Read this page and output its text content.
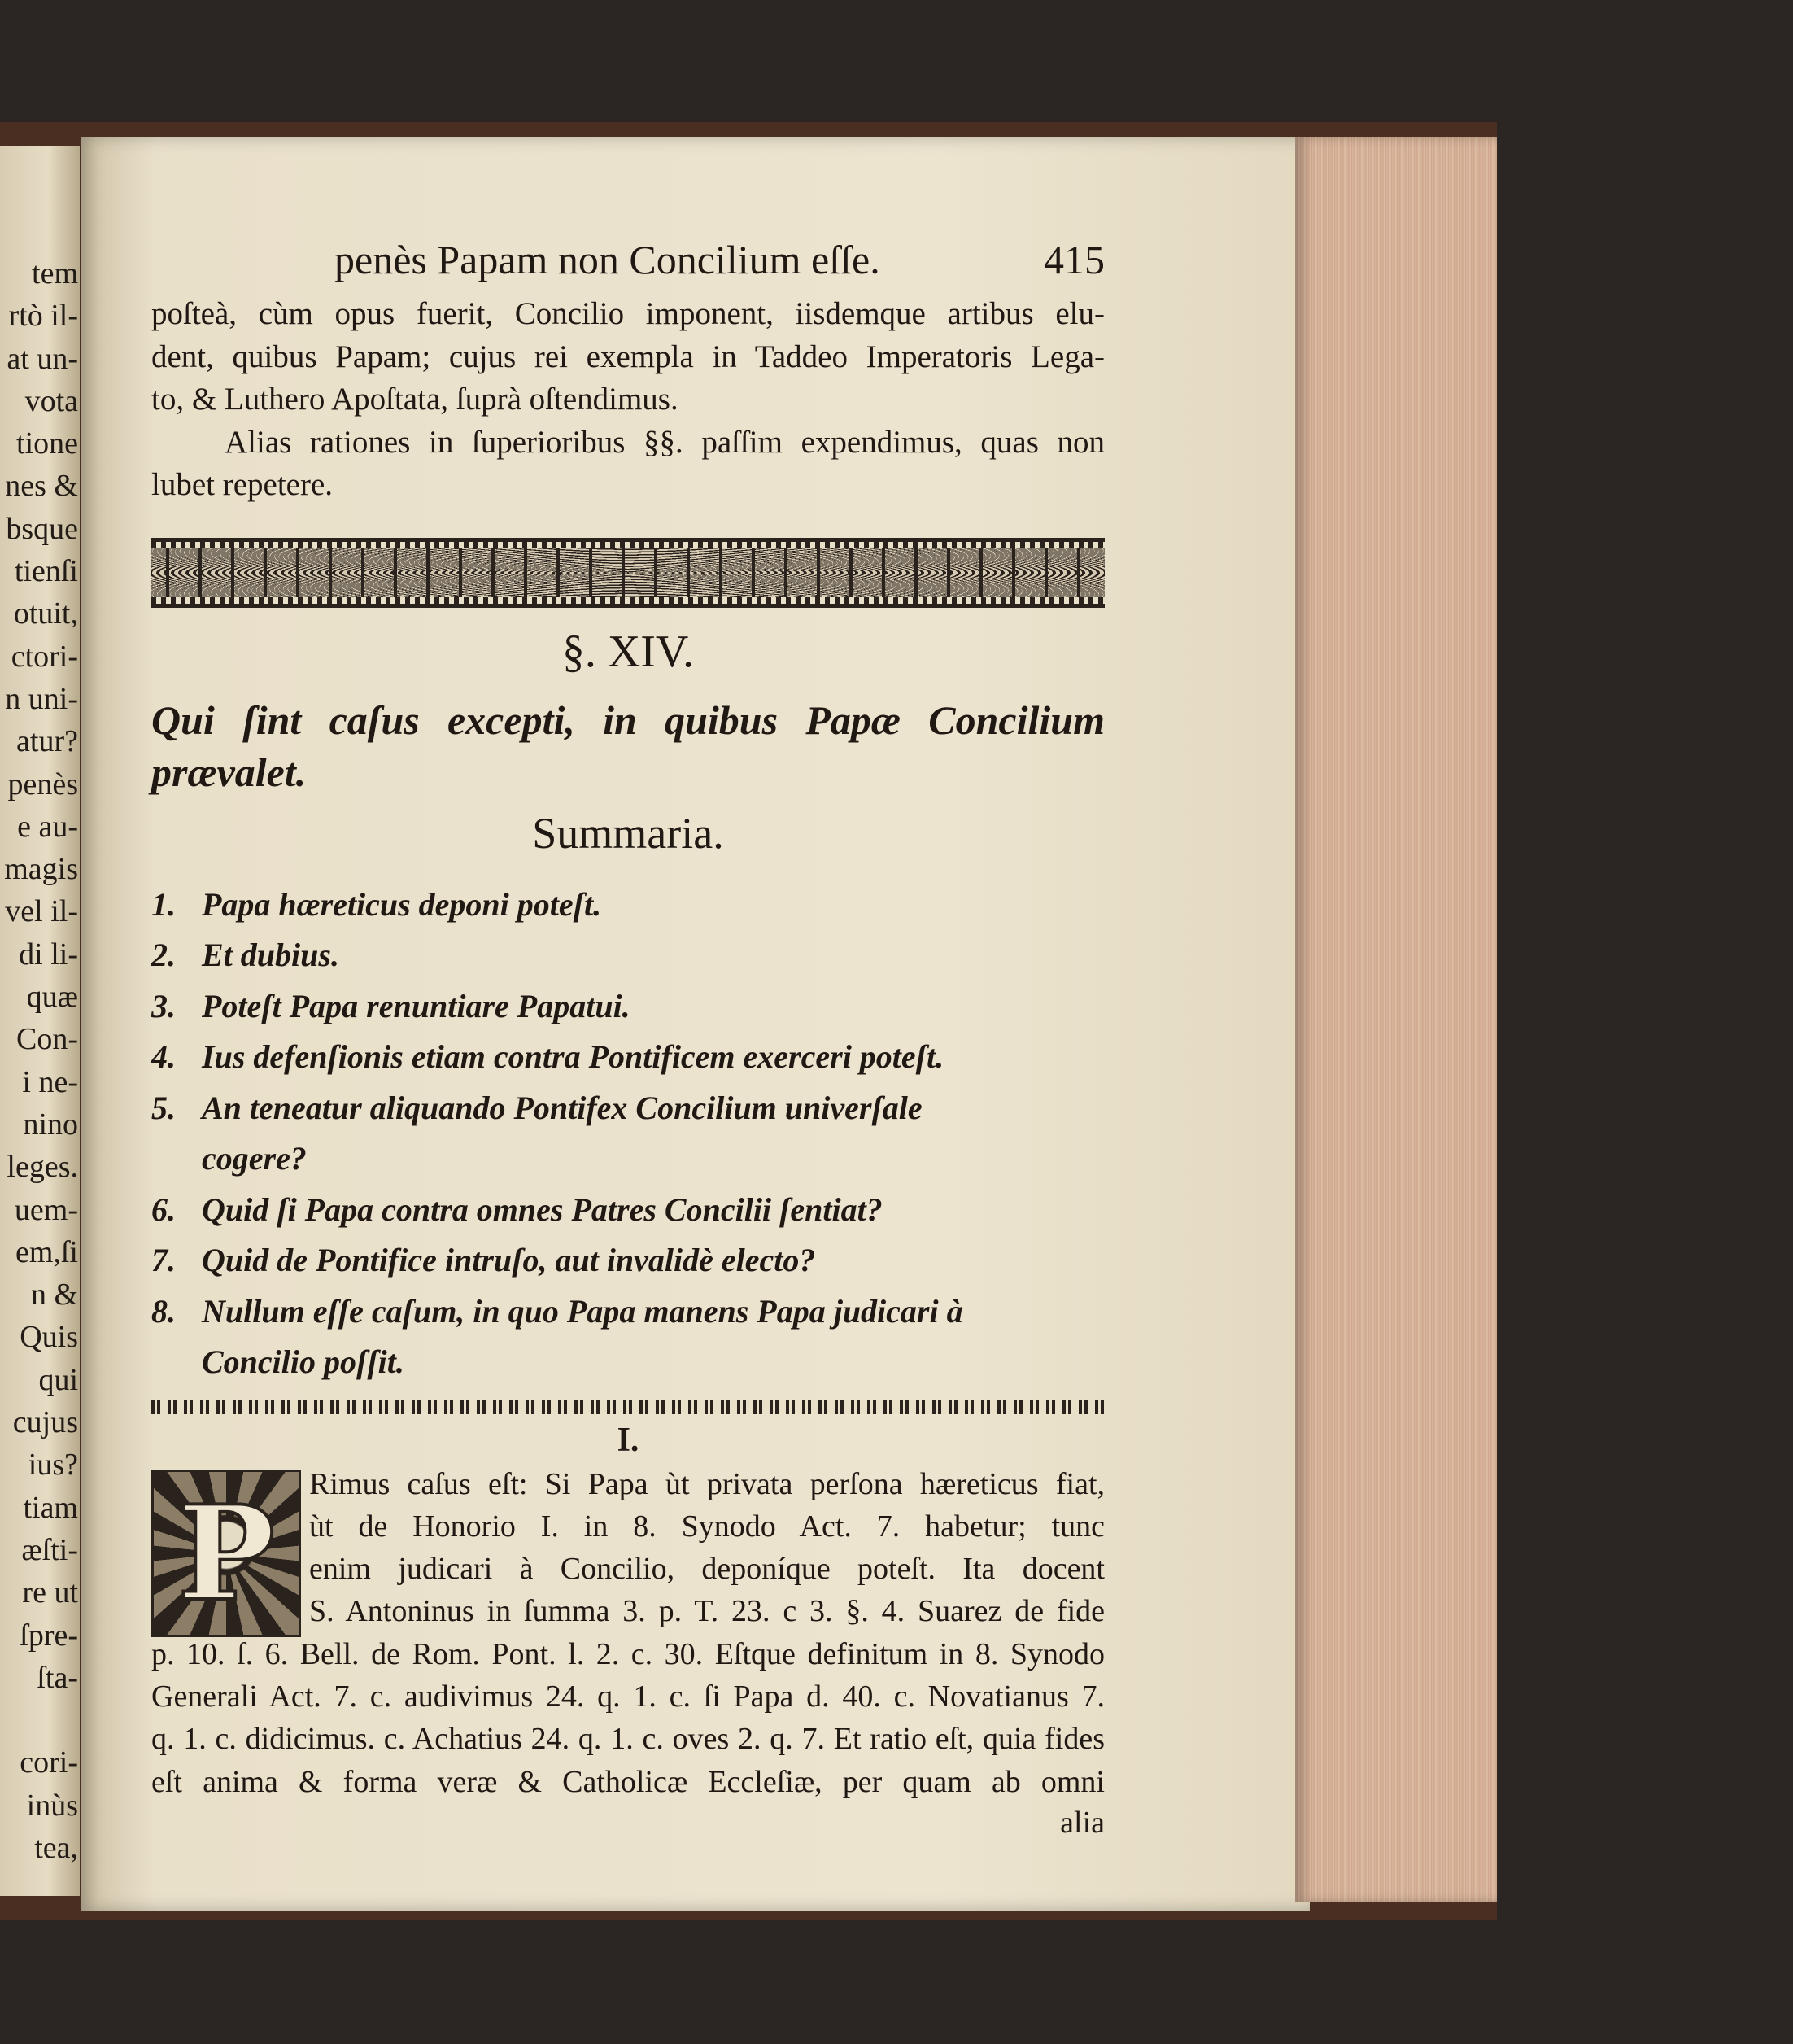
tem
rtò il-
at un-
vota
tione
nes &
bsque
tienſi
otuit,
ctori-
n uni-
atur?
penès
e au-
magis
vel il-
di li-
quæ
Con-
i ne-
nino
leges.
uem-
em,ſi
n &
Quis
qui
cujus
ius?
tiam
æſti-
re ut
ſpre-
ſta-
cori-
inùs
tea,
penès Papam non Concilium eſſe.	415
poſteà, cùm opus fuerit, Concilio imponent, iisdemque artibus elu-
dent, quibus Papam; cujus rei exempla in Taddeo Imperatoris Lega-
to, & Luthero Apoſtata, ſuprà oſtendimus.
Alias rationes in ſuperioribus §§. paſſim expendimus, quas non
lubet repetere.
§. XIV.
Qui ſint caſus excepti, in quibus Papæ Concilium prævalet.
Summaria.
1. Papa hæreticus deponi poteſt.
2. Et dubius.
3. Poteſt Papa renuntiare Papatui.
4. Ius defenſionis etiam contra Pontificem exerceri poteſt.
5. An teneatur aliquando Pontifex Concilium univerſale
cogere?
6. Quid ſi Papa contra omnes Patres Concilii ſentiat?
7. Quid de Pontifice intruſo, aut invalidè electo?
8. Nullum eſſe caſum, in quo Papa manens Papa judicari à
Concilio poſſit.
I.
P	Rimus caſus eſt: Si Papa ùt privata perſona hæreticus fiat,
ùt de Honorio I. in 8. Synodo Act. 7. habetur; tunc
enim judicari à Concilio, deponíque poteſt. Ita docent
S. Antoninus in ſumma 3. p. T. 23. c 3. §. 4. Suarez de fide
p. 10. ſ. 6. Bell. de Rom. Pont. l. 2. c. 30. Eſtque definitum in 8. Synodo
Generali Act. 7. c. audivimus 24. q. 1. c. ſi Papa d. 40. c. Novatianus 7.
q. 1. c. didicimus. c. Achatius 24. q. 1. c. oves 2. q. 7. Et ratio eſt, quia fides
eſt anima & forma veræ & Catholicæ Eccleſiæ, per quam ab omni
alia
